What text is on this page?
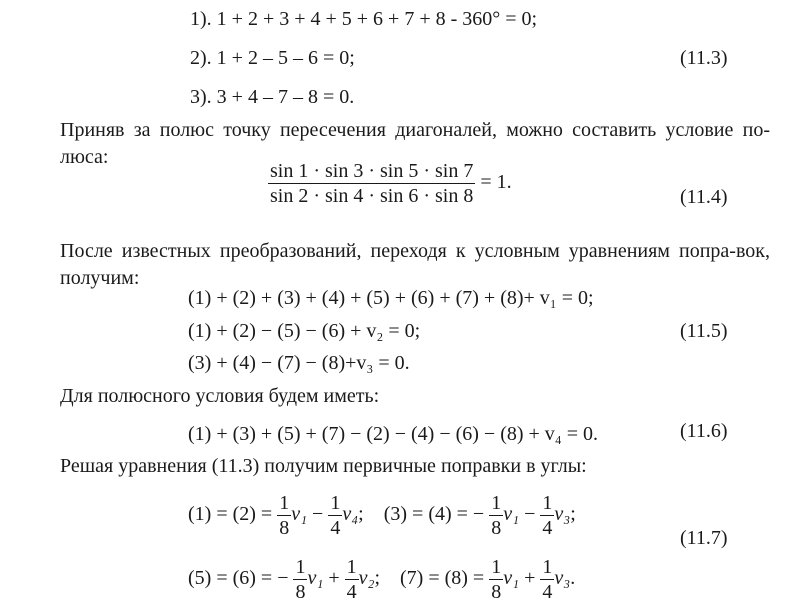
1). 1 + 2 + 3 + 4 + 5 + 6 + 7 + 8 - 360° = 0;
2). 1 + 2 – 5 – 6 = 0;	(11.3)
3). 3 + 4 – 7 – 8 = 0.
Приняв за полюс точку пересечения диагоналей, можно составить условие по-люса:
$\frac{\sin 1 \cdot \sin 3 \cdot \sin 5 \cdot \sin 7}{\sin 2 \cdot \sin 4 \cdot \sin 6 \cdot \sin 8} = 1$.
(11.4)
После известных преобразований, переходя к условным уравнениям попра-вок, получим:
(1) + (2) + (3) + (4) + (5) + (6) + (7) + (8)+ v₁ = 0;
(1) + (2) − (5) − (6) + v₂ = 0;	(11.5)
(3) + (4) − (7) − (8)+v₃ = 0.
Для полюсного условия будем иметь:
(1) + (3) + (5) + (7) − (2) − (4) − (6) − (8) + v₄ = 0.	(11.6)
Решая уравнения (11.3) получим первичные поправки в углы:
$(1) = (2) = \frac{1}{8} v_1 - \frac{1}{4} v_4$; (3) = (4) = − $\frac{1}{8} v_1 - \frac{1}{4} v_3$;
(11.7)
(5) = (6) = − $\frac{1}{8} v_1 + \frac{1}{4} v_2$; $(7) = (8) = \frac{1}{8} v_1 + \frac{1}{4} v_3$.
